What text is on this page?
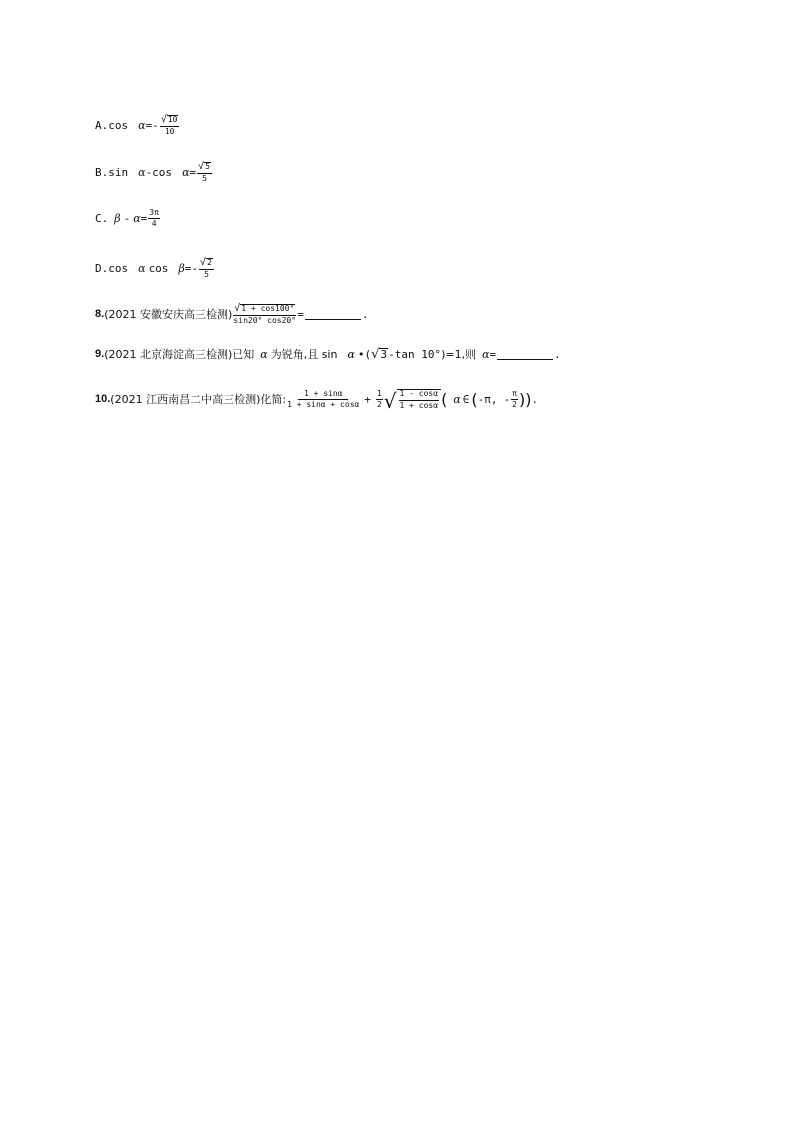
A. $\cos \alpha =- \frac{√ 10}{10}$
B. sin α -cos $\alpha = \frac{√ 5}{5}$
C. $\beta - \alpha = \frac{3\pi}{4}$
D. cos α $\cos \beta =- \frac{√ 2}{5}$
8. (2021 安徽安庆高三检测) $\frac{√ 1 + \cos 100^\circ}{\sin 20^\circ \cos 20^\circ}$ =	.
9. (2021 北京海淀高三检测)已知 α 为锐角,且 sin α •( √ 3 -tan 10° )=1,则 α =	.
10. (2021 江西南昌二中高三检测)化简: $\frac{1 + \sin\alpha}{1 + \sin\alpha + \cos\alpha} + \frac{1}{2}$ √ $\frac{1 - \cos\alpha}{1 + \cos\alpha}$ ( α ∈ ( -π, - $\frac{\pi}{2}$ )) .
